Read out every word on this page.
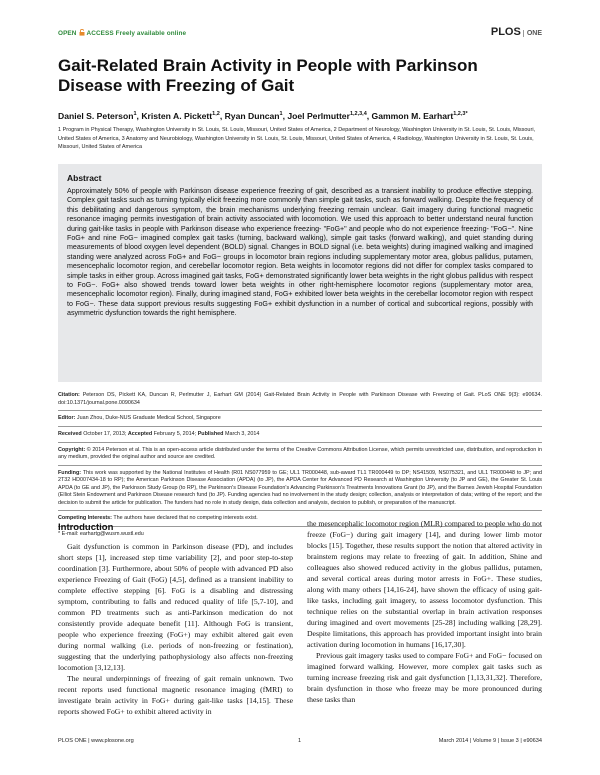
OPEN ACCESS Freely available online	PLOS ONE
Gait-Related Brain Activity in People with Parkinson Disease with Freezing of Gait
Daniel S. Peterson$^1$, Kristen A. Pickett$^{1,2}$, Ryan Duncan$^1$, Joel Perlmutter$^{1,2,3,4}$, Gammon M. Earhart$^{1,2,3*}$
1 Program in Physical Therapy, Washington University in St. Louis, St. Louis, Missouri, United States of America, 2 Department of Neurology, Washington University in St. Louis, St. Louis, Missouri, United States of America, 3 Anatomy and Neurobiology, Washington University in St. Louis, St. Louis, Missouri, United States of America, 4 Radiology, Washington University in St. Louis, St. Louis, Missouri, United States of America

Abstract

Approximately 50% of people with Parkinson disease experience freezing of gait, described as a transient inability to produce effective stepping. Complex gait tasks such as turning typically elicit freezing more commonly than simple gait tasks, such as forward walking. Despite the frequency of this debilitating and dangerous symptom, the brain mechanisms underlying freezing remain unclear. Gait imagery during functional magnetic resonance imaging permits investigation of brain activity associated with locomotion. We used this approach to better understand neural function during gait-like tasks in people with Parkinson disease who experience freezing- "FoG+" and people who do not experience freezing- "FoG−". Nine FoG+ and nine FoG− imagined complex gait tasks (turning, backward walking), simple gait tasks (forward walking), and quiet standing during measurements of blood oxygen level dependent (BOLD) signal. Changes in BOLD signal (i.e. beta weights) during imagined walking and imagined standing were analyzed across FoG+ and FoG− groups in locomotor brain regions including supplementary motor area, globus pallidus, putamen, mesencephalic locomotor region, and cerebellar locomotor region. Beta weights in locomotor regions did not differ for complex tasks compared to simple tasks in either group. Across imagined gait tasks, FoG+ demonstrated significantly lower beta weights in the right globus pallidus with respect to FoG−. FoG+ also showed trends toward lower beta weights in other right-hemisphere locomotor regions (supplementary motor area, mesencephalic locomotor region). Finally, during imagined stand, FoG+ exhibited lower beta weights in the cerebellar locomotor region with respect to FoG−. These data support previous results suggesting FoG+ exhibit dysfunction in a number of cortical and subcortical regions, possibly with asymmetric dysfunction towards the right hemisphere.

Citation: Peterson DS, Pickett KA, Duncan R, Perlmutter J, Earhart GM (2014) Gait-Related Brain Activity in People with Parkinson Disease with Freezing of Gait. PLoS ONE 9(3): e90634. doi:10.1371/journal.pone.0090634

Editor: Juan Zhou, Duke-NUS Graduate Medical School, Singapore

Received October 17, 2013; Accepted February 5, 2014; Published March 3, 2014

Copyright: © 2014 Peterson et al. This is an open-access article distributed under the terms of the Creative Commons Attribution License, which permits unrestricted use, distribution, and reproduction in any medium, provided the original author and source are credited.

Funding: This work was supported by the National Institutes of Health (R01 NS077959 to GE; UL1 TR000448, sub-award TL1 TR000449 to DP; NS41509, NS075321, and UL1 TR000448 to JP; and 2T32 HD007434-18 to RP); the American Parkinson Disease Association (APDA) (to JP), the APDA Center for Advanced PD Research at Washington University (to JP and GE), the Greater St. Louis APDA (to GE and JP), the Parkinson Study Group (to RP), the Parkinson's Disease Foundation's Advancing Parkinson's Treatments Innovations Grant (to JP), and the Barnes Jewish Hospital Foundation (Elliot Stein Endowment and Parkinson Disease research fund (to JP). Funding agencies had no involvement in the study design; collection, analysis or interpretation of data; writing of the report; and the decision to submit the article for publication. The funders had no role in study design, data collection and analysis, decision to publish, or preparation of the manuscript.

Competing Interests: The authors have declared that no competing interests exist.

* E-mail: earhartg@wusm.wustl.edu

Introduction

Gait dysfunction is common in Parkinson disease (PD), and includes short steps [1], increased step time variability [2], and poor step-to-step coordination [3]. Furthermore, about 50% of people with advanced PD also experience Freezing of Gait (FoG) [4,5], defined as a transient inability to complete effective stepping [6]. FoG is a disabling and distressing symptom, contributing to falls and reduced quality of life [5,7-10], and common PD treatments such as anti-Parkinson medication do not consistently provide adequate benefit [11]. Although FoG is transient, people who experience freezing (FoG+) may exhibit altered gait even during normal walking (i.e. periods of non-freezing or festination), suggesting that the underlying pathophysiology also affects non-freezing locomotion [3,12,13].

The neural underpinnings of freezing of gait remain unknown. Two recent reports used functional magnetic resonance imaging (fMRI) to investigate brain activity in FoG+ during gait-like tasks [14,15]. These reports showed FoG+ to exhibit altered activity in

the mesencephalic locomotor region (MLR) compared to people who do not freeze (FoG−) during gait imagery [14], and during lower limb motor blocks [15]. Together, these results support the notion that altered activity in brainstem regions may relate to freezing of gait. In addition, Shine and colleagues also showed reduced activity in the globus pallidus, putamen, and several cortical areas during motor arrests in FoG+. These studies, along with many others [14,16-24], have shown the efficacy of using gait-like tasks, including gait imagery, to assess locomotor dysfunction. This technique relies on the substantial overlap in brain activation responses during imagined and overt movements [25-28] including walking [28,29]. Despite limitations, this approach has provided important insight into brain activation during locomotion in humans [16,17,30].

Previous gait imagery tasks used to compare FoG+ and FoG− focused on imagined forward walking. However, more complex gait tasks such as turning increase freezing risk and gait dysfunction [1,13,31,32]. Therefore, brain dysfunction in those who freeze may be more pronounced during these tasks than

PLOS ONE | www.plosone.org	1	March 2014 | Volume 9 | Issue 3 | e90634
